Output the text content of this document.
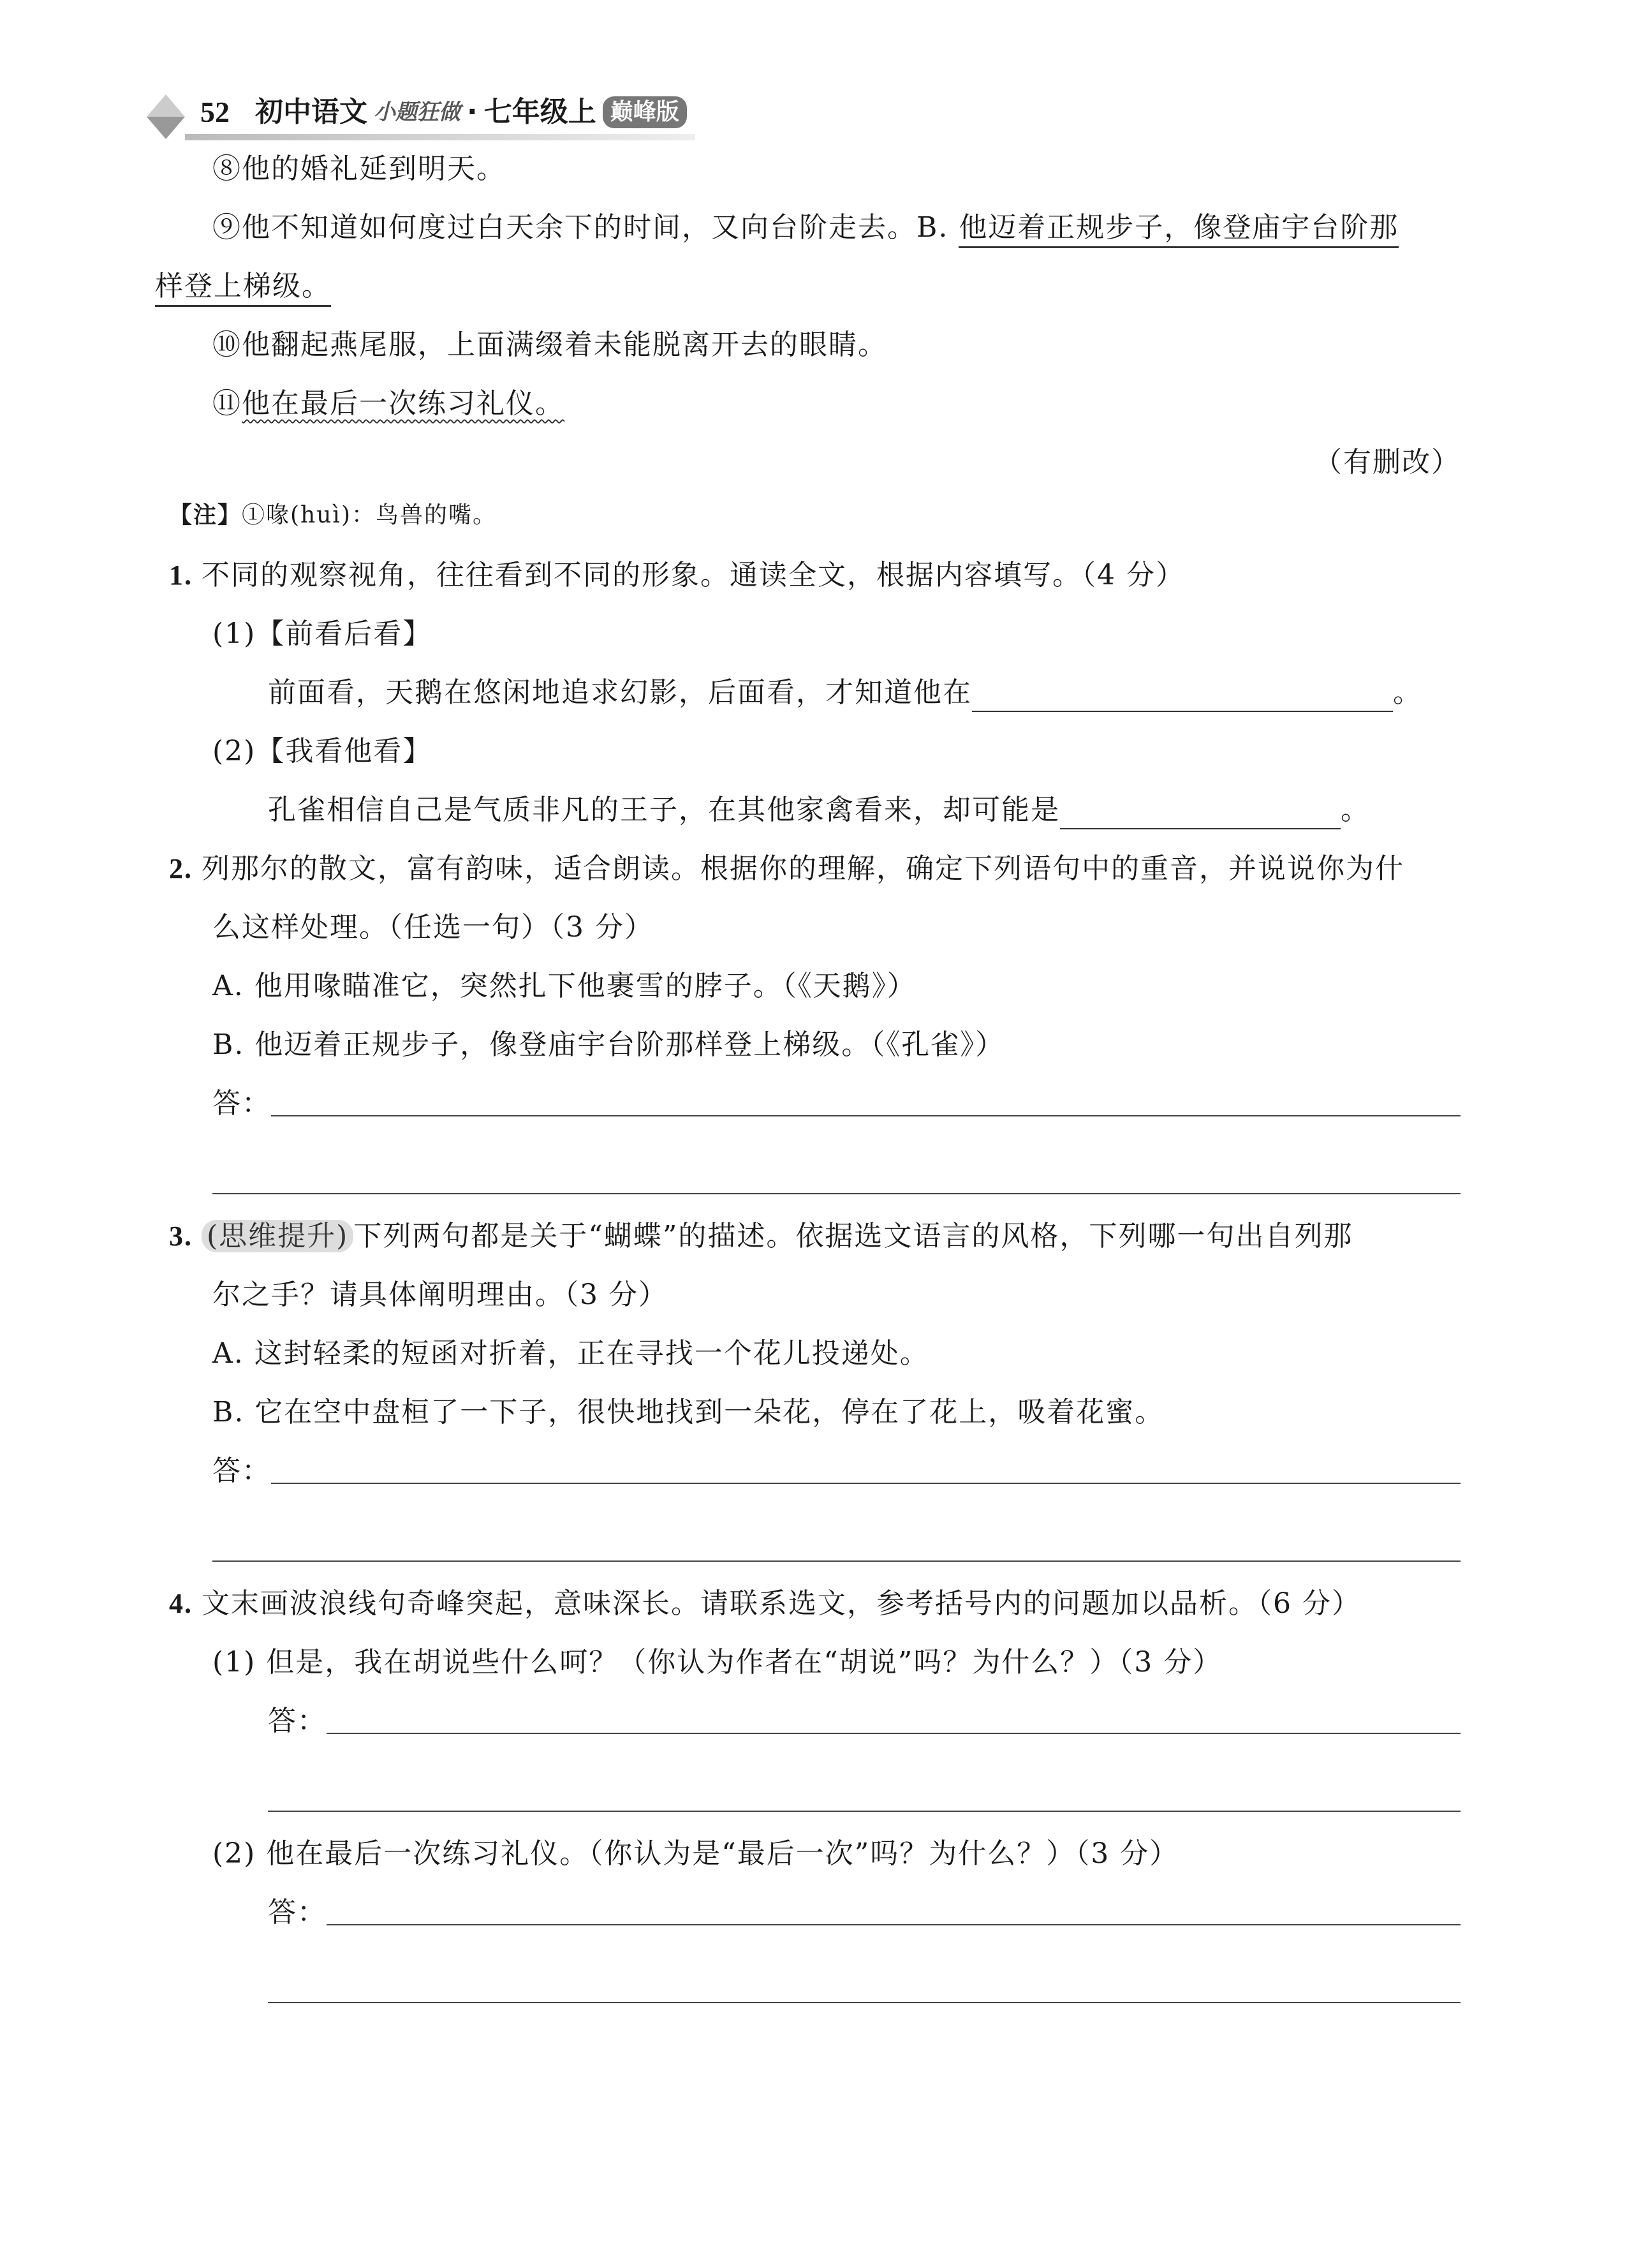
52 初中语文 小题狂做 · 七年级上 巅峰版
⑧他的婚礼延到明天。
⑨他不知道如何度过白天余下的时间，又向台阶走去。B. 他迈着正规步子，像登庙宇台阶那
样登上梯级。
⑩他翻起燕尾服，上面满缀着未能脱离开去的眼睛。
⑪他在最后一次练习礼仪。
（有删改）
【注】①喙(huì)：鸟兽的嘴。
1. 不同的观察视角，往往看到不同的形象。通读全文，根据内容填写。（4 分）
(1)【前看后看】
前面看，天鹅在悠闲地追求幻影，后面看，才知道他在	。
(2)【我看他看】
孔雀相信自己是气质非凡的王子，在其他家禽看来，却可能是	。
2. 列那尔的散文，富有韵味，适合朗读。根据你的理解，确定下列语句中的重音，并说说你为什
么这样处理。（任选一句）（3 分）
A. 他用喙瞄准它，突然扎下他裹雪的脖子。（《天鹅》）
B. 他迈着正规步子，像登庙宇台阶那样登上梯级。（《孔雀》）
答：
3. (思维提升) 下列两句都是关于“蝴蝶”的描述。依据选文语言的风格，下列哪一句出自列那
尔之手？请具体阐明理由。（3 分）
A. 这封轻柔的短函对折着，正在寻找一个花儿投递处。
B. 它在空中盘桓了一下子，很快地找到一朵花，停在了花上，吸着花蜜。
答：
4. 文末画波浪线句奇峰突起，意味深长。请联系选文，参考括号内的问题加以品析。（6 分）
(1) 但是，我在胡说些什么呵？（你认为作者在“胡说”吗？为什么？）（3 分）
答：
(2) 他在最后一次练习礼仪。（你认为是“最后一次”吗？为什么？）（3 分）
答：
